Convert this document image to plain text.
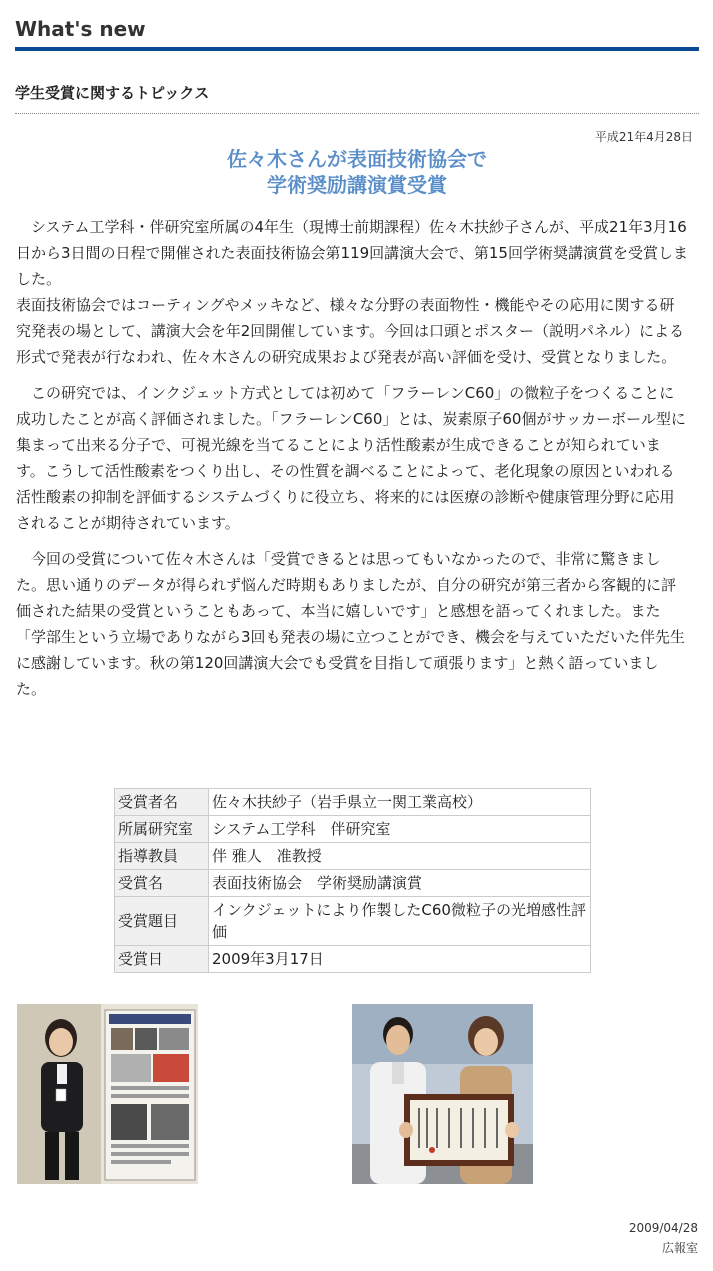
What's new
学生受賞に関するトピックス
平成21年4月28日
佐々木さんが表面技術協会で
学術奨励講演賞受賞

　システム工学科・伴研究室所属の4年生（現博士前期課程）佐々木扶紗子さんが、平成21年3月16日から3日間の日程で開催された表面技術協会第119回講演大会で、第15回学術奨講演賞を受賞しました。
表面技術協会ではコーティングやメッキなど、様々な分野の表面物性・機能やその応用に関する研究発表の場として、講演大会を年2回開催しています。今回は口頭とポスター（説明パネル）による形式で発表が行なわれ、佐々木さんの研究成果および発表が高い評価を受け、受賞となりました。

　この研究では、インクジェット方式としては初めて「フラーレンC60」の微粒子をつくることに成功したことが高く評価されました。「フラーレンC60」とは、炭素原子60個がサッカーボール型に集まって出来る分子で、可視光線を当てることにより活性酸素が生成できることが知られています。こうして活性酸素をつくり出し、その性質を調べることによって、老化現象の原因といわれる活性酸素の抑制を評価するシステムづくりに役立ち、将来的には医療の診断や健康管理分野に応用されることが期待されています。

　今回の受賞について佐々木さんは「受賞できるとは思ってもいなかったので、非常に驚きました。思い通りのデータが得られず悩んだ時期もありましたが、自分の研究が第三者から客観的に評価された結果の受賞ということもあって、本当に嬉しいです」と感想を語ってくれました。また「学部生という立場でありながら3回も発表の場に立つことができ、機会を与えていただいた伴先生に感謝しています。秋の第120回講演大会でも受賞を目指して頑張ります」と熱く語っていました。

受賞者名	佐々木扶紗子（岩手県立一関工業高校）
所属研究室	システム工学科　伴研究室
指導教員	伴 雅人　准教授
受賞名	表面技術協会　学術奨励講演賞
受賞題目	インクジェットにより作製したC60微粒子の光増感性評価
受賞日	2009年3月17日
2009/04/28
広報室
